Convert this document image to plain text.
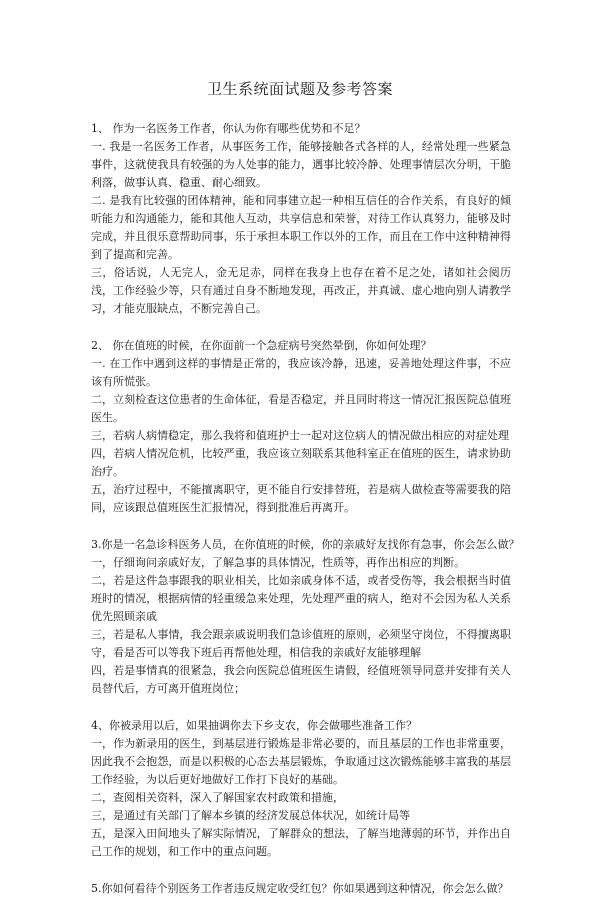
卫生系统面试题及参考答案

1、 作为一名医务工作者，你认为你有哪些优势和不足？

一. 我是一名医务工作者，从事医务工作，能够接触各式各样的人，经常处理一些紧急事件，这就使我具有较强的为人处事的能力，遇事比较冷静、处理事情层次分明，干脆利落，做事认真、稳重、耐心细致。

二. 是我有比较强的团体精神，能和同事建立起一种相互信任的合作关系，有良好的倾听能力和沟通能力，能和其他人互动，共享信息和荣誉，对待工作认真努力，能够及时完成，并且很乐意帮助同事，乐于承担本职工作以外的工作，而且在工作中这种精神得到了提高和完善。

三，俗话说，人无完人，金无足赤，同样在我身上也存在着不足之处，诸如社会阅历浅，工作经验少等，只有通过自身不断地发现，再改正，并真诚、虚心地向别人请教学习，才能克服缺点，不断完善自己。

2、 你在值班的时候，在你面前一个急症病号突然晕倒，你如何处理？

一. 在工作中遇到这样的事情是正常的，我应该冷静，迅速，妥善地处理这件事，不应该有所慌张。

二，立刻检查这位患者的生命体征，看是否稳定，并且同时将这一情况汇报医院总值班医生。

三，若病人病情稳定，那么我将和值班护士一起对这位病人的情况做出相应的对症处理

四，若病人情况危机，比较严重，我应该立刻联系其他科室正在值班的医生，请求协助治疗。

五，治疗过程中，不能擅离职守，更不能自行安排替班，若是病人做检查等需要我的陪同，应该跟总值班医生汇报情况，得到批准后再离开。

3.你是一名急诊科医务人员，在你值班的时候，你的亲戚好友找你有急事，你会怎么做？

一，仔细询问亲戚好友，了解急事的具体情况，性质等，再作出相应的判断。

二，若是这件急事跟我的职业相关，比如亲戚身体不适，或者受伤等，我会根据当时值班时的情况，根据病情的轻重缓急来处理，先处理严重的病人，绝对不会因为私人关系优先照顾亲戚

三，若是私人事情，我会跟亲戚说明我们急诊值班的原则，必须坚守岗位，不得擅离职守，看是否可以等我下班后再帮他处理，相信我的亲戚好友能够理解

四，若是事情真的很紧急，我会向医院总值班医生请假，经值班领导同意并安排有关人员替代后，方可离开值班岗位；

4、你被录用以后，如果抽调你去下乡支农，你会做哪些准备工作？

一，作为新录用的医生，到基层进行锻炼是非常必要的，而且基层的工作也非常重要，因此我不会抱怨，而是以积极的心态去基层锻炼，争取通过这次锻炼能够丰富我的基层工作经验，为以后更好地做好工作打下良好的基础。

二，查阅相关资料，深入了解国家农村政策和措施，

三，是通过有关部门了解本乡镇的经济发展总体状况，如统计局等

五，是深入田间地头了解实际情况，了解群众的想法，了解当地薄弱的环节，并作出自己工作的规划，和工作中的重点问题。

5.你如何看待个别医务工作者违反规定收受红包？你如果遇到这种情况，你会怎么做？
